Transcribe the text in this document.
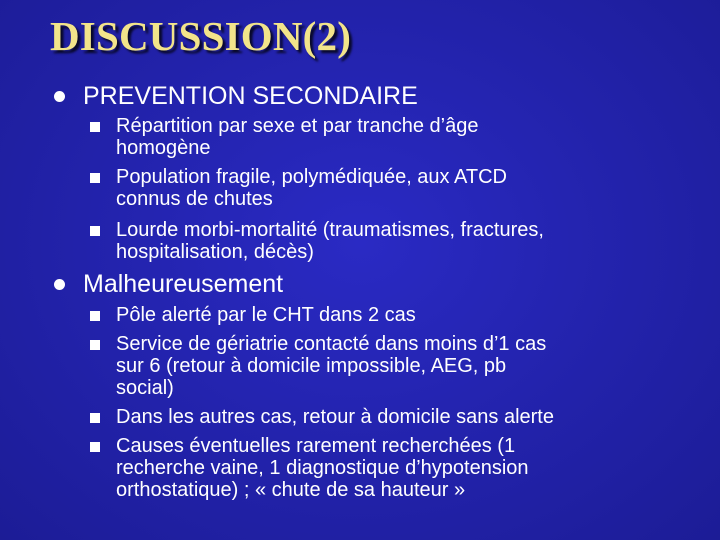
DISCUSSION(2)
PREVENTION SECONDAIRE
Répartition par sexe et par tranche d’âge
homogène
Population fragile, polymédiquée, aux ATCD
connus de chutes
Lourde morbi-mortalité (traumatismes, fractures,
hospitalisation, décès)
Malheureusement
Pôle alerté par le CHT dans 2 cas
Service de gériatrie contacté dans moins d’1 cas
sur 6 (retour à domicile impossible, AEG, pb
social)
Dans les autres cas, retour à domicile sans alerte
Causes éventuelles rarement recherchées (1
recherche vaine, 1 diagnostique d’hypotension
orthostatique) ; « chute de sa hauteur »
